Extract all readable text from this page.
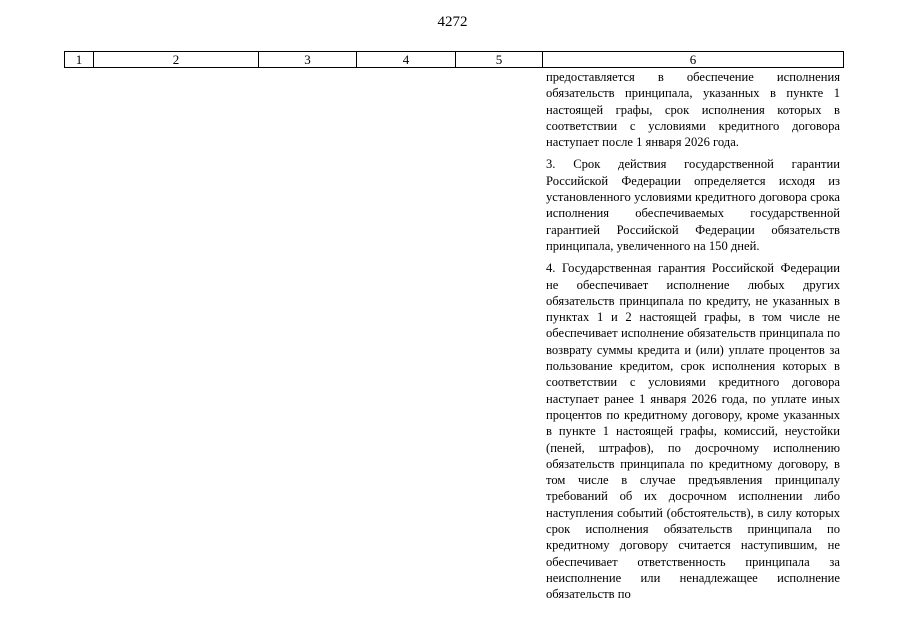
4272
1	2	3	4	5	6

предоставляется в обеспечение исполнения обязательств принципала, указанных в пункте 1 настоящей графы, срок исполнения которых в соответствии с условиями кредитного договора наступает после 1 января 2026 года.

3. Срок действия государственной гарантии Российской Федерации определяется исходя из установленного условиями кредитного договора срока исполнения обеспечиваемых государственной гарантией Российской Федерации обязательств принципала, увеличенного на 150 дней.

4. Государственная гарантия Российской Федерации не обеспечивает исполнение любых других обязательств принципала по кредиту, не указанных в пунктах 1 и 2 настоящей графы, в том числе не обеспечивает исполнение обязательств принципала по возврату суммы кредита и (или) уплате процентов за пользование кредитом, срок исполнения которых в соответствии с условиями кредитного договора наступает ранее 1 января 2026 года, по уплате иных процентов по кредитному договору, кроме указанных в пункте 1 настоящей графы, комиссий, неустойки (пеней, штрафов), по досрочному исполнению обязательств принципала по кредитному договору, в том числе в случае предъявления принципалу требований об их досрочном исполнении либо наступления событий (обстоятельств), в силу которых срок исполнения обязательств принципала по кредитному договору считается наступившим, не обеспечивает ответственность принципала за неисполнение или ненадлежащее исполнение обязательств по
